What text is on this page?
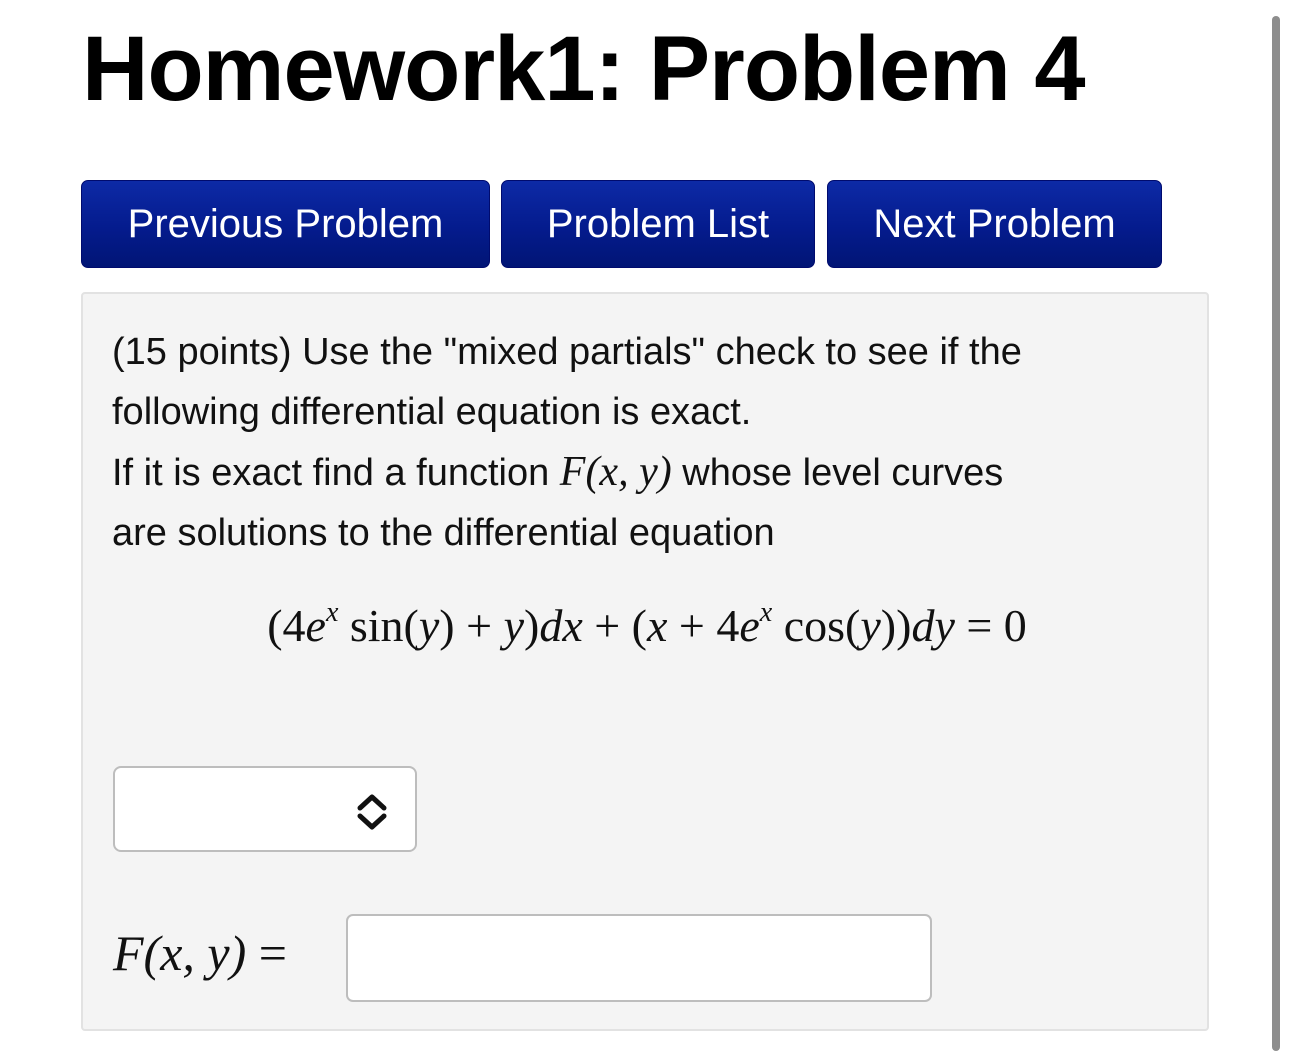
Homework1: Problem 4
Previous Problem	Problem List	Next Problem
(15 points) Use the "mixed partials" check to see if the
following differential equation is exact.
If it is exact find a function F(x, y) whose level curves
are solutions to the differential equation
($4e^x$ $\sin(y) + y)dx + (x + 4e^x$ cos(y))dy = 0
F(x, y) =
